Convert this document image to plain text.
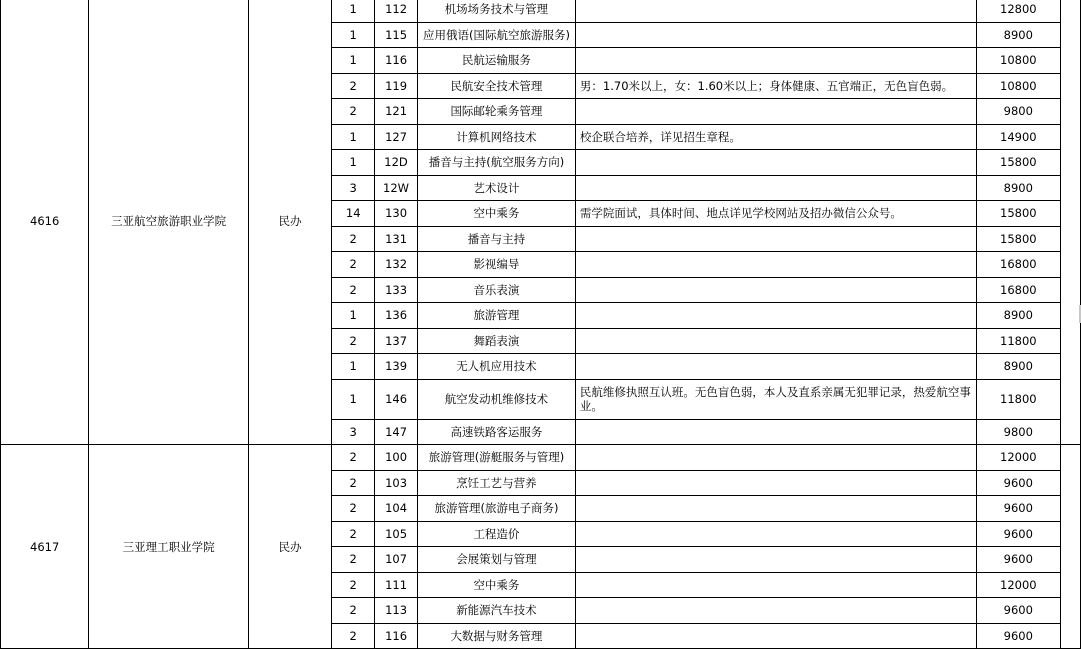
4616	三亚航空旅游职业学院	民办	1	112	机场场务技术与管理		12800	
			1	115	应用俄语(国际航空旅游服务)		8900	
			1	116	民航运输服务		10800	
			2	119	民航安全技术管理	男：1.70米以上，女：1.60米以上；身体健康、五官端正，无色盲色弱。	10800	
			2	121	国际邮轮乘务管理		9800	
			1	127	计算机网络技术	校企联合培养，详见招生章程。	14900	
			1	12D	播音与主持(航空服务方向)		15800	
			3	12W	艺术设计		8900	
			14	130	空中乘务	需学院面试，具体时间、地点详见学校网站及招办微信公众号。	15800	
			2	131	播音与主持		15800	
			2	132	影视编导		16800	
			2	133	音乐表演		16800	
			1	136	旅游管理		8900	
			2	137	舞蹈表演		11800	
			1	139	无人机应用技术		8900	
			1	146	航空发动机维修技术	民航维修执照互认班。无色盲色弱，本人及直系亲属无犯罪记录，热爱航空事业。	11800	
			3	147	高速铁路客运服务		9800	
4617	三亚理工职业学院	民办	2	100	旅游管理(游艇服务与管理)		12000	
			2	103	烹饪工艺与营养		9600	
			2	104	旅游管理(旅游电子商务)		9600	
			2	105	工程造价		9600	
			2	107	会展策划与管理		9600	
			2	111	空中乘务		12000	
			2	113	新能源汽车技术		9600	
			2	116	大数据与财务管理		9600	
